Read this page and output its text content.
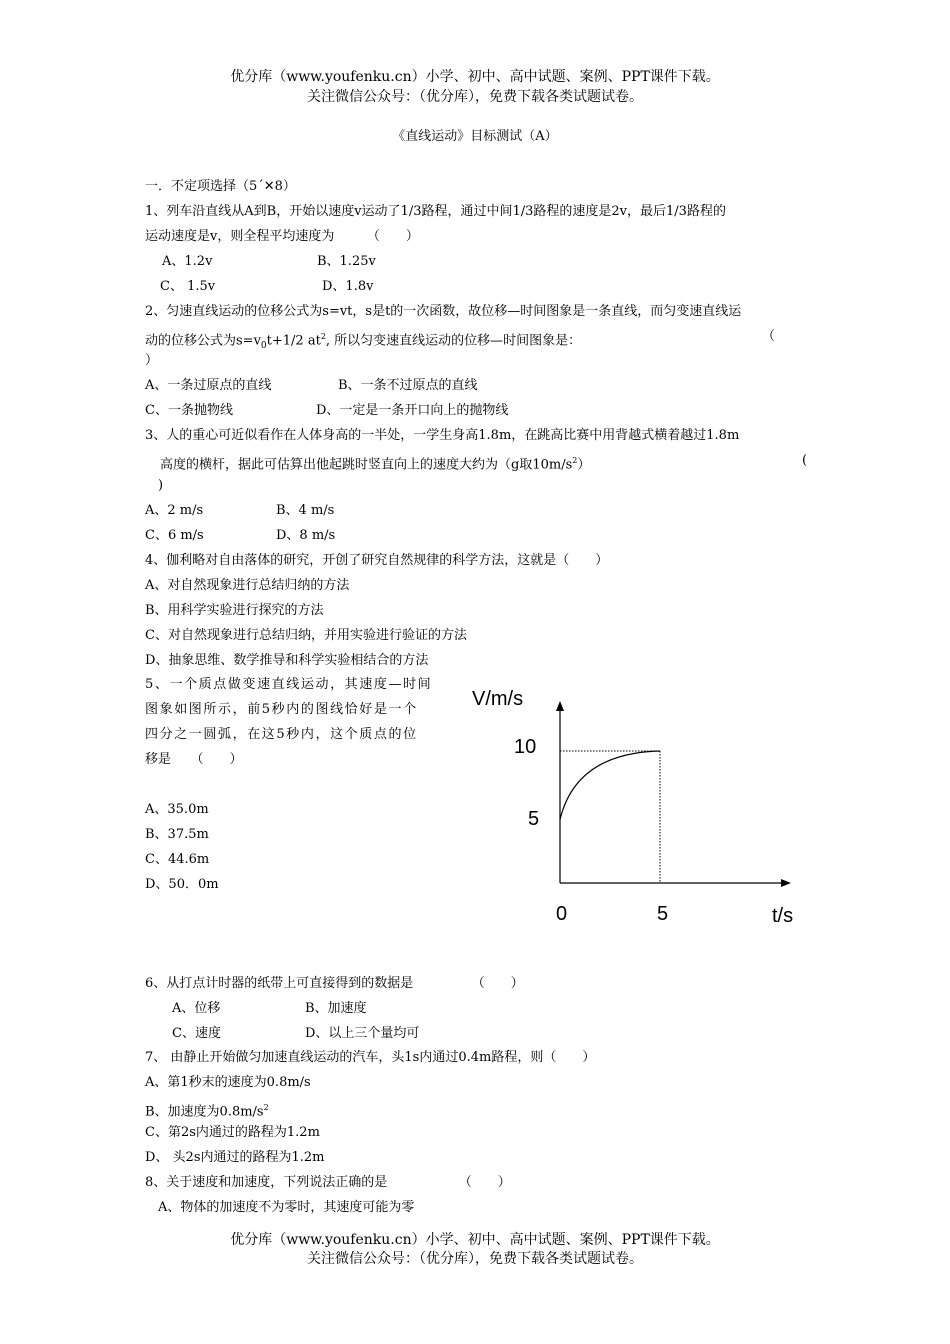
优分库（www.youfenku.cn）小学、初中、高中试题、案例、PPT课件下载。
关注微信公众号：（优分库），免费下载各类试题试卷。
《直线运动》目标测试（A）
一．不定项选择（5´✕8）
1、列车沿直线从A到B，开始以速度v运动了1/3路程，通过中间1/3路程的速度是2v，最后1/3路程的
运动速度是v，则全程平均速度为　　　（　　）
A、1.2v	B、1.25v
C、 1.5v	D、1.8v
2、匀速直线运动的位移公式为s=vt，s是t的一次函数，故位移—时间图象是一条直线，而匀变速直线运
动的位移公式为$s=v_0t+1/2$ $at^2$, 所以匀变速直线运动的位移—时间图象是：	（
）
A、一条过原点的直线	B、一条不过原点的直线
C、一条抛物线	D、一定是一条开口向上的抛物线
3、人的重心可近似看作在人体身高的一半处，一学生身高1.8m，在跳高比赛中用背越式横着越过1.8m
高度的横杆，据此可估算出他起跳时竖直向上的速度大约为（g取$10m/s^2$）	(
)
A、2 m/s	B、4 m/s
C、6 m/s	D、8 m/s
4、伽利略对自由落体的研究，开创了研究自然规律的科学方法，这就是（　　）
A、对自然现象进行总结归纳的方法
B、用科学实验进行探究的方法
C、对自然现象进行总结归纳，并用实验进行验证的方法
D、抽象思维、数学推导和科学实验相结合的方法
5、一个质点做变速直线运动，其速度—时间
图象如图所示，前5秒内的图线恰好是一个
四分之一圆弧，在这5秒内，这个质点的位
移是　　（　　）
A、35.0m
B、37.5m
C、44.6m
D、50．0m
V/m/s
t/s
10
5
0	5
6、从打点计时器的纸带上可直接得到的数据是　　　　　（　　）
A、位移	B、加速度
C、速度	D、以上三个量均可
7、 由静止开始做匀加速直线运动的汽车，头1s内通过0.4m路程，则（　　）
A、第1秒末的速度为0.8m/s
B、加速度为$0.8m/s^2$
C、第2s内通过的路程为1.2m
D、 头2s内通过的路程为1.2m
8、关于速度和加速度，下列说法正确的是　　　　　　（　　）
A、物体的加速度不为零时，其速度可能为零
优分库（www.youfenku.cn）小学、初中、高中试题、案例、PPT课件下载。
关注微信公众号：（优分库），免费下载各类试题试卷。
